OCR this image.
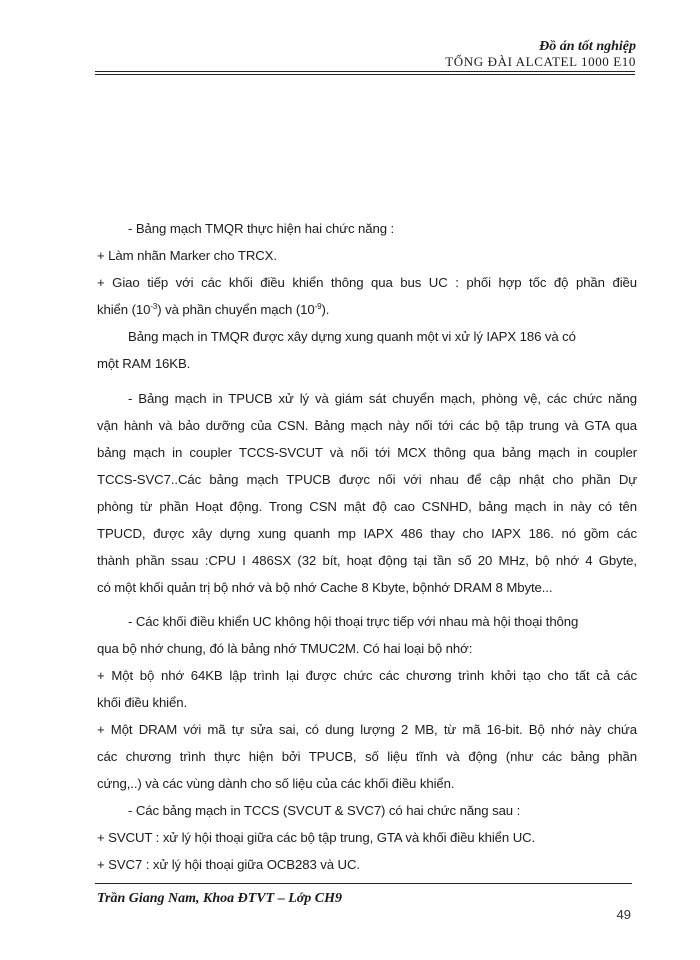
Đồ án tốt nghiệp
TỔNG ĐÀI ALCATEL 1000 E10
- Bảng mạch TMQR thực hiện hai chức năng :
+ Làm nhãn Marker cho TRCX.
+ Giao tiếp với các khối điều khiển thông qua bus UC : phối hợp tốc độ phần điều
khiển $(10^{-3})$ và phần chuyển mạch $(10^{-9})$.
Bảng mạch in TMQR được xây dựng xung quanh một vi xử lý IAPX 186 và có
một RAM 16KB.
- Bảng mạch in TPUCB xử lý và giám sát chuyển mạch, phòng vệ, các chức năng
vận hành và bảo dưỡng của CSN. Bảng mạch này nối tới các bộ tập trung và GTA qua
bảng mạch in coupler TCCS-SVCUT và nối tới MCX thông qua bảng mạch in coupler
TCCS-SVC7..Các bảng mạch TPUCB được nối với nhau để cập nhật cho phần Dự
phòng từ phần Hoạt động. Trong CSN mật độ cao CSNHD, bảng mạch in này có tên
TPUCD, được xây dựng xung quanh mp IAPX 486 thay cho IAPX 186. nó gồm các
thành phần ssau :CPU I 486SX (32 bít, hoạt động tại tần số 20 MHz, bộ nhớ 4 Gbyte,
có một khối quản trị bộ nhớ và bộ nhớ Cache 8 Kbyte, bộnhớ DRAM 8 Mbyte...
- Các khối điều khiển UC không hội thoại trực tiếp với nhau mà hội thoại thông
qua bộ nhớ chung, đó là bảng nhớ TMUC2M. Có hai loại bộ nhớ:
+ Một bộ nhớ 64KB lập trình lại được chức các chương trình khởi tạo cho tất cả các
khối điều khiển.
+ Một DRAM với mã tự sửa sai, có dung lượng 2 MB, từ mã 16-bit. Bộ nhớ này chứa
các chương trình thực hiện bởi TPUCB, số liệu tĩnh và động (như các bảng phần
cứng,..) và các vùng dành cho số liệu của các khối điều khiển.
- Các bảng mạch in TCCS (SVCUT & SVC7) có hai chức năng sau :
+ SVCUT : xử lý hội thoại giữa các bộ tập trung, GTA và khối điều khiển UC.
+ SVC7 : xử lý hội thoại giữa OCB283 và UC.
Trần Giang Nam, Khoa ĐTVT – Lớp CH9
49
